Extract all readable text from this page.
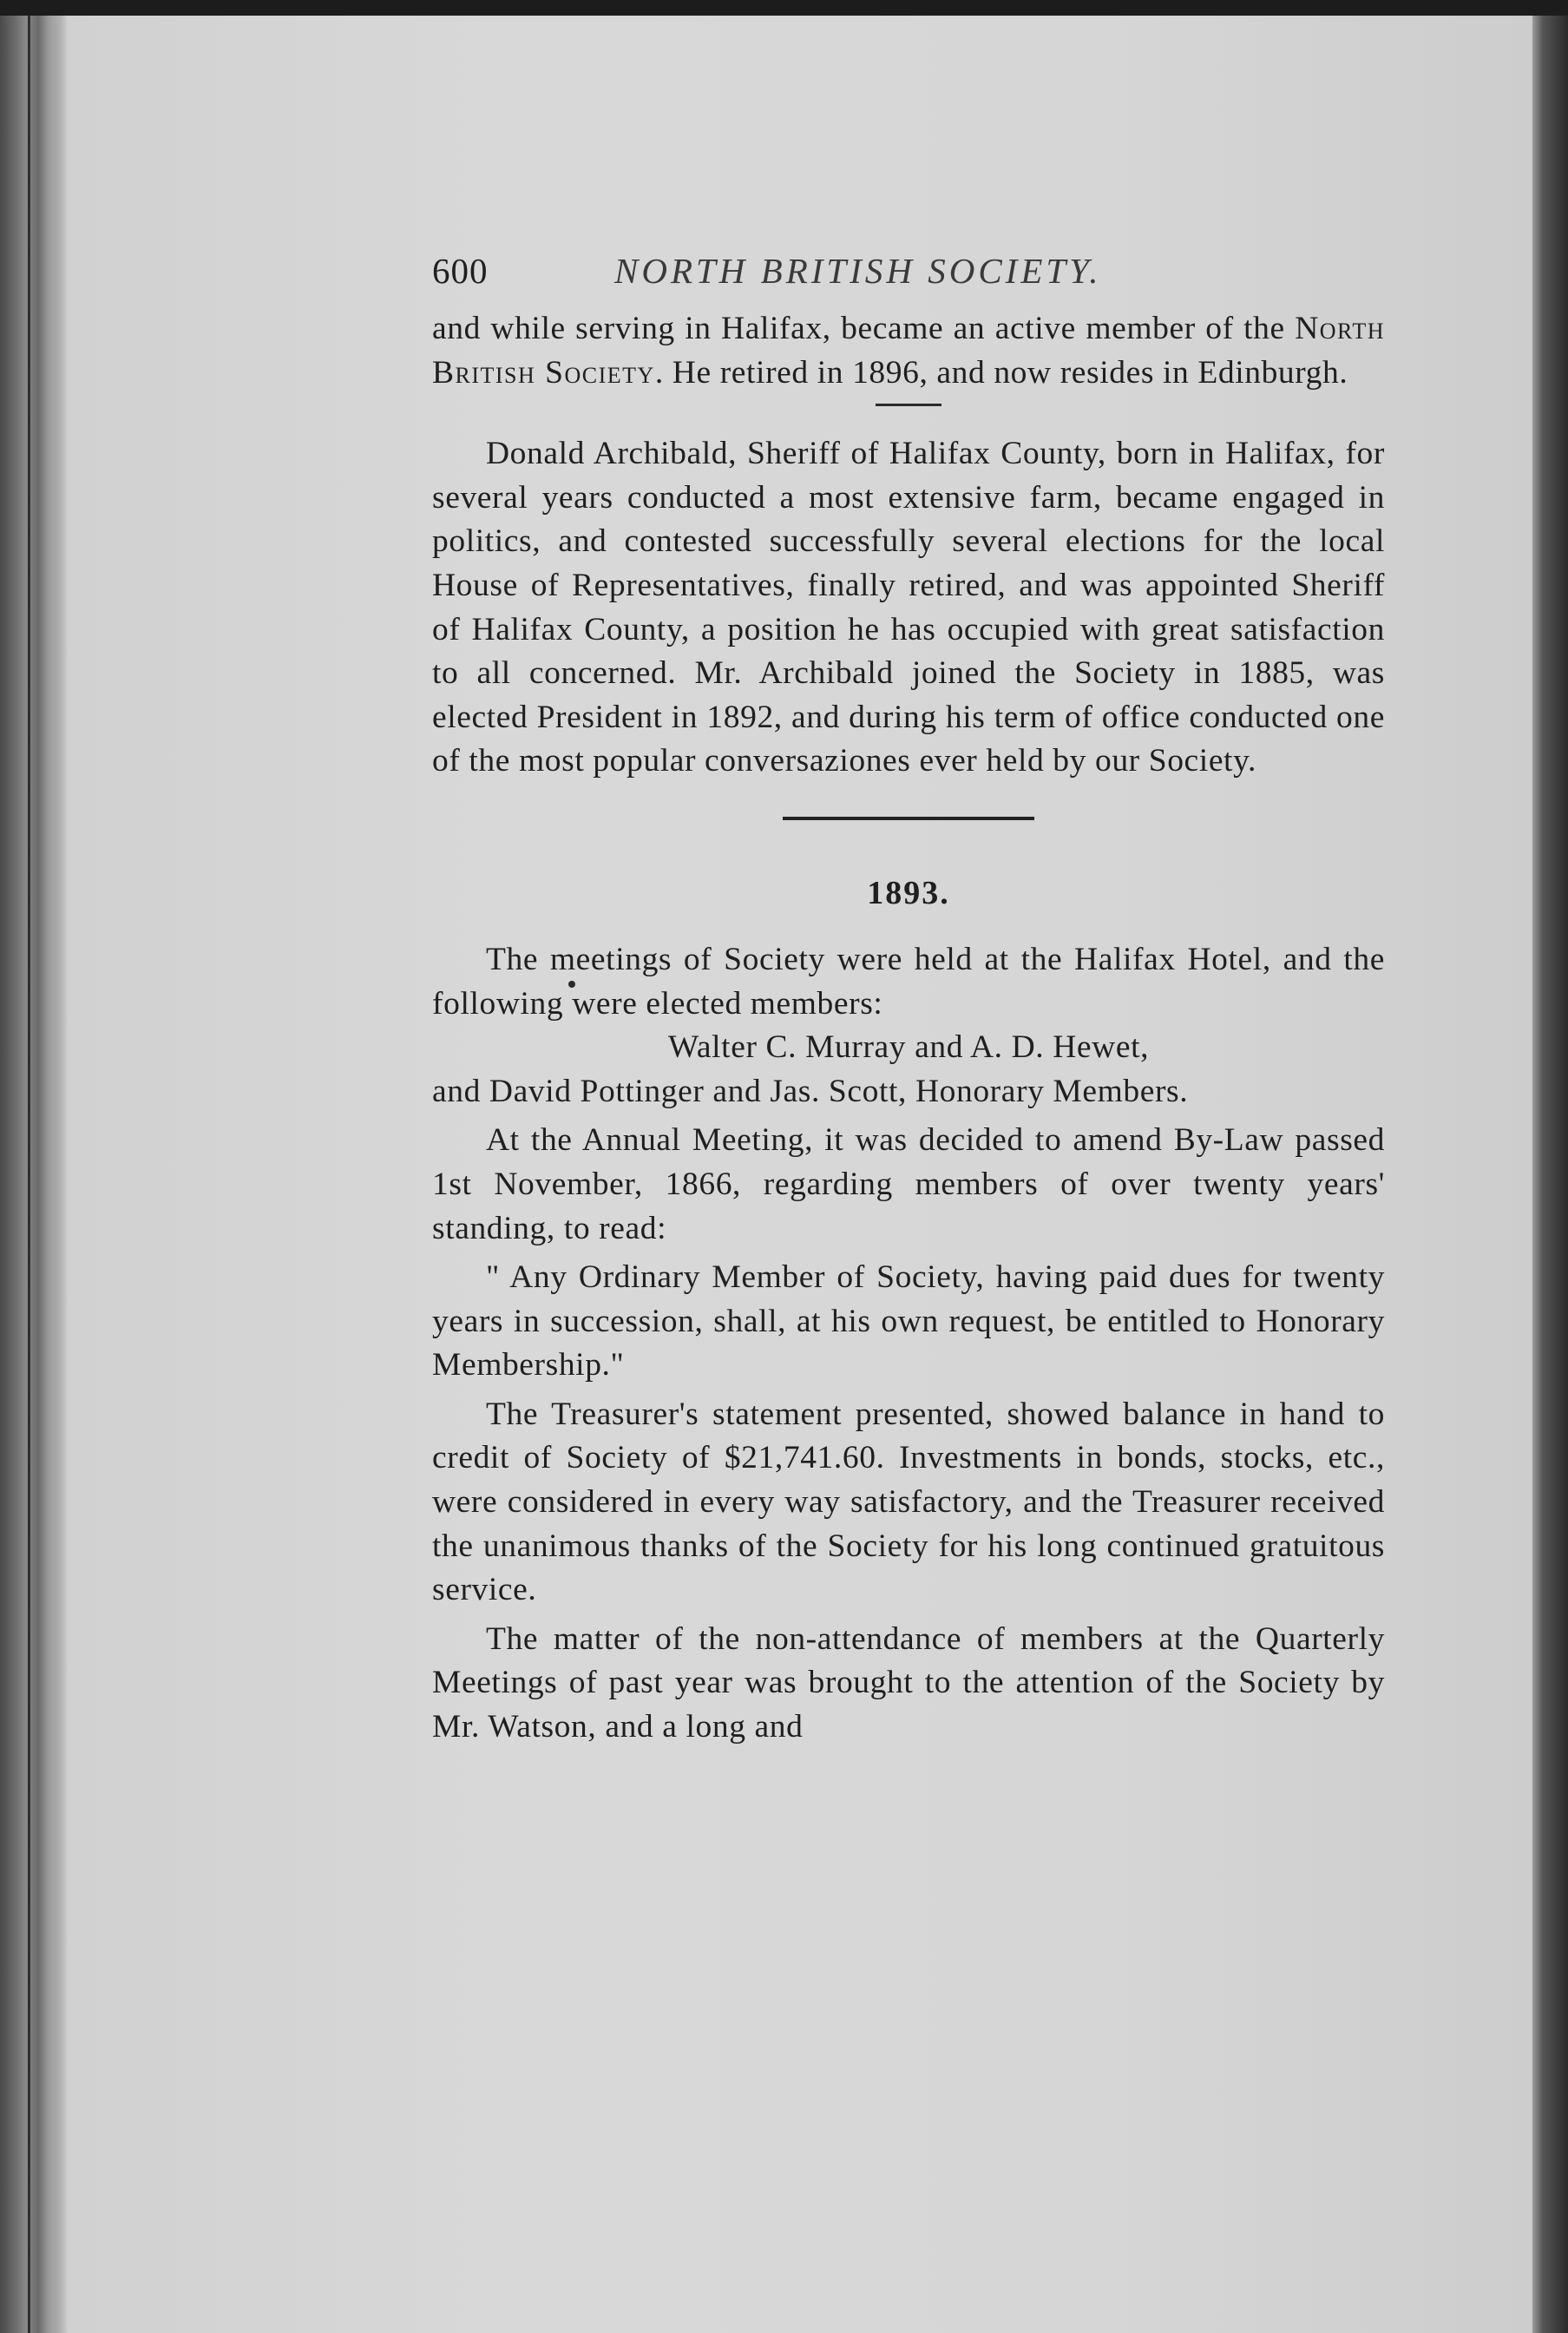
600	NORTH BRITISH SOCIETY.

and while serving in Halifax, became an active member of the North British Society. He retired in 1896, and now resides in Edinburgh.

Donald Archibald, Sheriff of Halifax County, born in Halifax, for several years conducted a most extensive farm, became engaged in politics, and contested successfully several elections for the local House of Representatives, finally retired, and was appointed Sheriff of Halifax County, a position he has occupied with great satisfaction to all concerned. Mr. Archibald joined the Society in 1885, was elected President in 1892, and during his term of office conducted one of the most popular conversaziones ever held by our Society.

1893.

The meetings of Society were held at the Halifax Hotel, and the following were elected members:

Walter C. Murray and A. D. Hewet,

and David Pottinger and Jas. Scott, Honorary Members.

At the Annual Meeting, it was decided to amend By-Law passed 1st November, 1866, regarding members of over twenty years' standing, to read:

" Any Ordinary Member of Society, having paid dues for twenty years in succession, shall, at his own request, be entitled to Honorary Membership."

The Treasurer's statement presented, showed balance in hand to credit of Society of $21,741.60. Investments in bonds, stocks, etc., were considered in every way satisfactory, and the Treasurer received the unanimous thanks of the Society for his long continued gratuitous service.

The matter of the non-attendance of members at the Quarterly Meetings of past year was brought to the attention of the Society by Mr. Watson, and a long and
